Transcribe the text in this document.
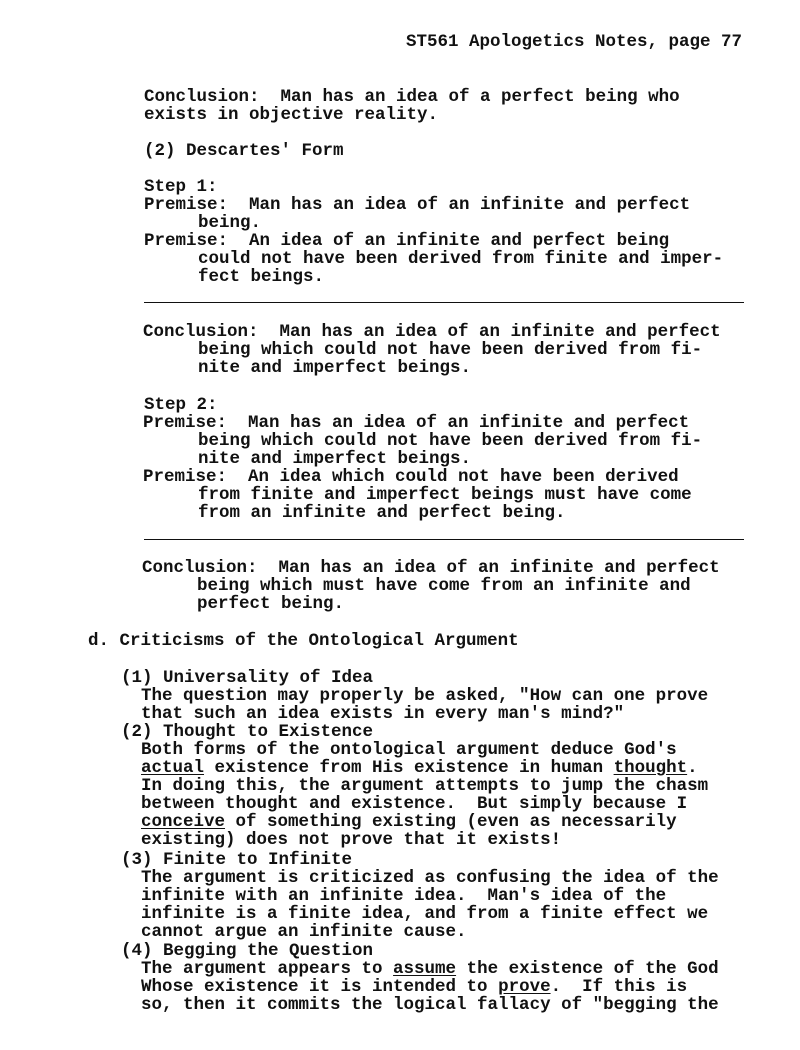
ST561 Apologetics Notes, page 77
Conclusion:  Man has an idea of a perfect being who
exists in objective reality.
(2) Descartes' Form
Step 1:
Premise:  Man has an idea of an infinite and perfect
being.
Premise:  An idea of an infinite and perfect being
could not have been derived from finite and imper-
fect beings.
Conclusion:  Man has an idea of an infinite and perfect
being which could not have been derived from fi-
nite and imperfect beings.
Step 2:
Premise:  Man has an idea of an infinite and perfect
being which could not have been derived from fi-
nite and imperfect beings.
Premise:  An idea which could not have been derived
from finite and imperfect beings must have come
from an infinite and perfect being.
Conclusion:  Man has an idea of an infinite and perfect
being which must have come from an infinite and
perfect being.
d. Criticisms of the Ontological Argument
(1) Universality of Idea
The question may properly be asked, "How can one prove
that such an idea exists in every man's mind?"
(2) Thought to Existence
Both forms of the ontological argument deduce God's
actual existence from His existence in human thought.
In doing this, the argument attempts to jump the chasm
between thought and existence.  But simply because I
conceive of something existing (even as necessarily
existing) does not prove that it exists!
(3) Finite to Infinite
The argument is criticized as confusing the idea of the
infinite with an infinite idea.  Man's idea of the
infinite is a finite idea, and from a finite effect we
cannot argue an infinite cause.
(4) Begging the Question
The argument appears to assume the existence of the God
Whose existence it is intended to prove.  If this is
so, then it commits the logical fallacy of "begging the
